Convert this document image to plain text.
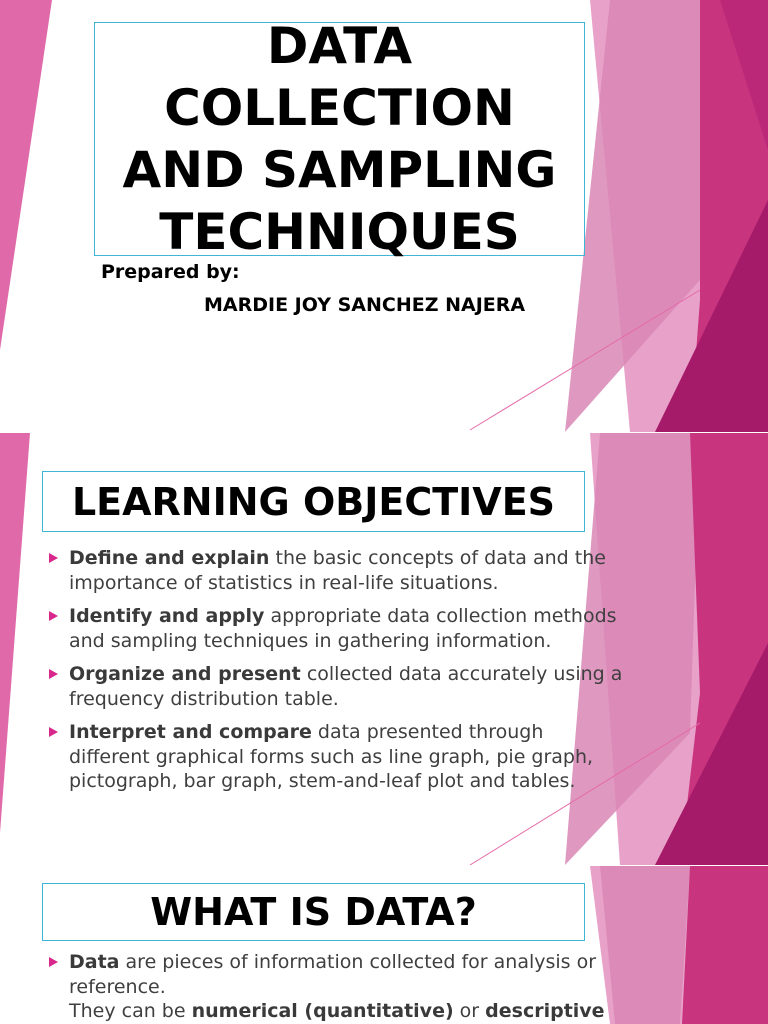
DATA
COLLECTION
AND SAMPLING
TECHNIQUES
Prepared by:
MARDIE JOY SANCHEZ NAJERA
LEARNING OBJECTIVES
Define and explain the basic concepts of data and the importance of statistics in real-life situations.
Identify and apply appropriate data collection methods and sampling techniques in gathering information.
Organize and present collected data accurately using a frequency distribution table.
Interpret and compare data presented through different graphical forms such as line graph, pie graph, pictograph, bar graph, stem-and-leaf plot and tables.
WHAT IS DATA?
Data are pieces of information collected for analysis or reference.
They can be numerical (quantitative) or descriptive
